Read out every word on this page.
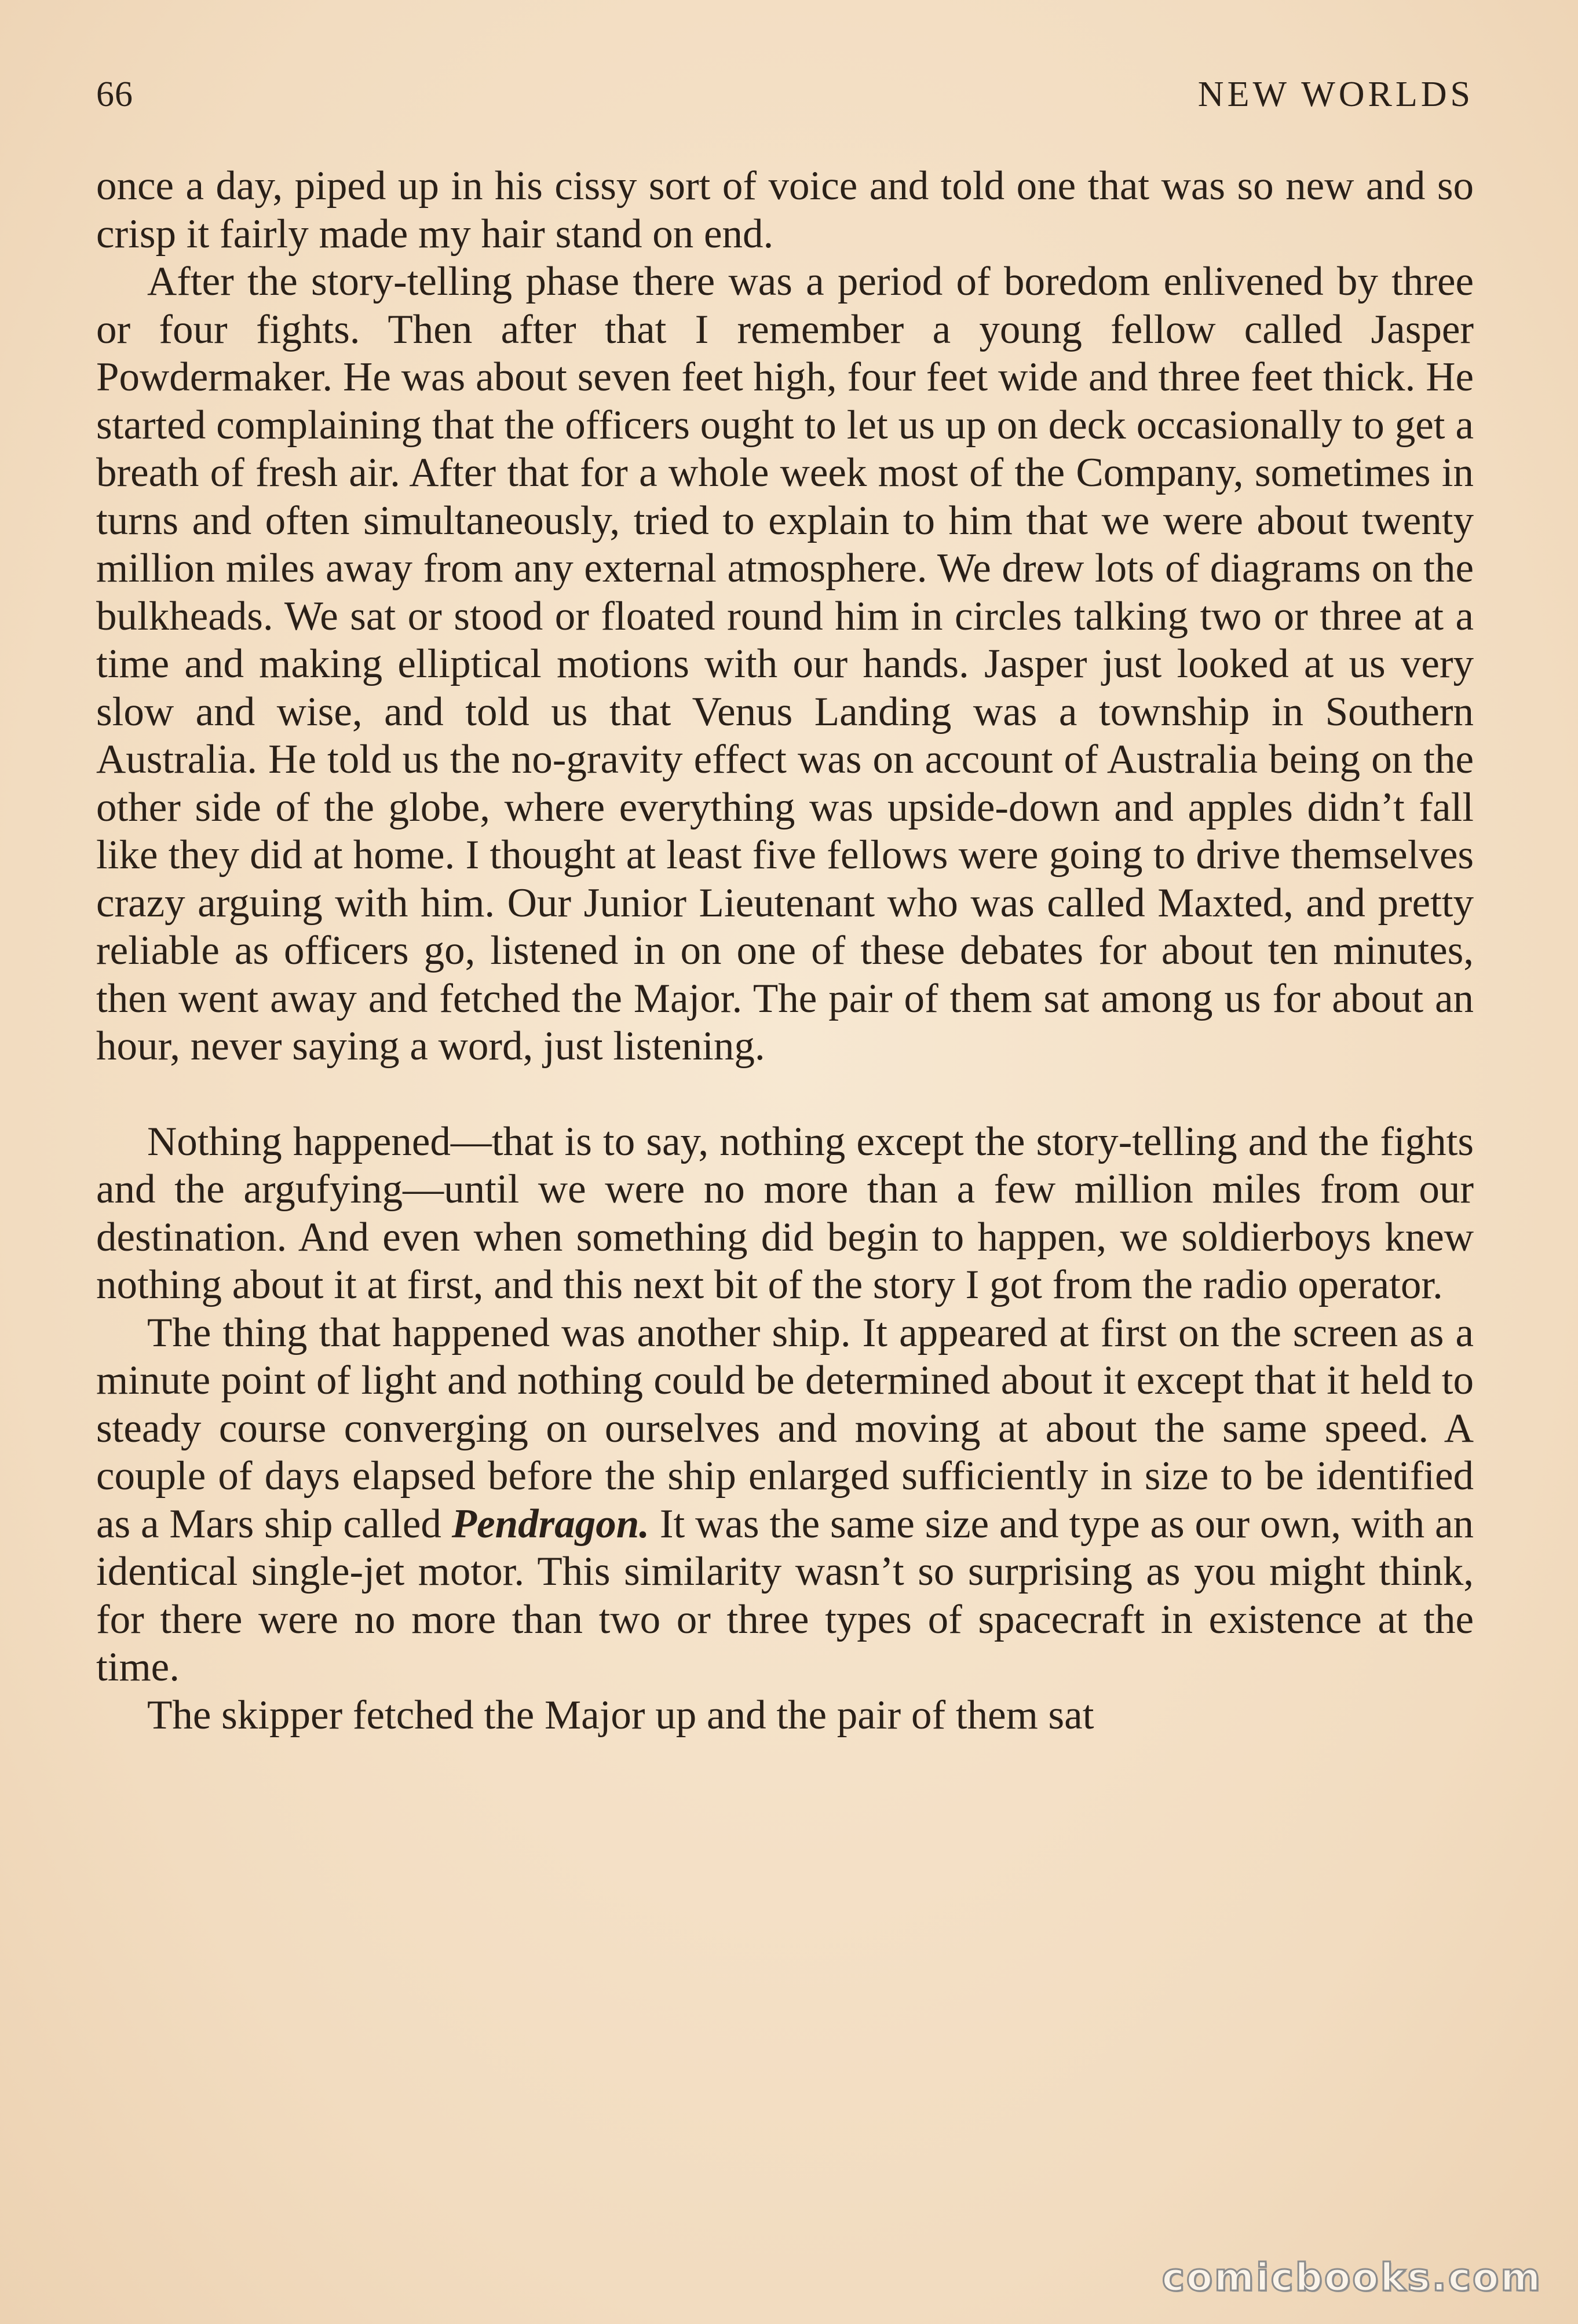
66	NEW WORLDS

once a day, piped up in his cissy sort of voice and told one that was so new and so crisp it fairly made my hair stand on end.

After the story-telling phase there was a period of boredom enlivened by three or four fights. Then after that I remember a young fellow called Jasper Powdermaker. He was about seven feet high, four feet wide and three feet thick. He started complaining that the officers ought to let us up on deck occasionally to get a breath of fresh air. After that for a whole week most of the Company, sometimes in turns and often simultaneously, tried to explain to him that we were about twenty million miles away from any external atmosphere. We drew lots of diagrams on the bulkheads. We sat or stood or floated round him in circles talking two or three at a time and making elliptical motions with our hands. Jasper just looked at us very slow and wise, and told us that Venus Landing was a township in Southern Australia. He told us the no-gravity effect was on account of Australia being on the other side of the globe, where everything was upside-down and apples didn’t fall like they did at home. I thought at least five fellows were going to drive themselves crazy arguing with him. Our Junior Lieutenant who was called Maxted, and pretty reliable as officers go, listened in on one of these debates for about ten minutes, then went away and fetched the Major. The pair of them sat among us for about an hour, never saying a word, just listening.

Nothing happened—that is to say, nothing except the story-telling and the fights and the argufying—until we were no more than a few million miles from our destination. And even when something did begin to happen, we soldierboys knew nothing about it at first, and this next bit of the story I got from the radio operator.

The thing that happened was another ship. It appeared at first on the screen as a minute point of light and nothing could be determined about it except that it held to steady course converging on ourselves and moving at about the same speed. A couple of days elapsed before the ship enlarged sufficiently in size to be identified as a Mars ship called Pendragon. It was the same size and type as our own, with an identical single-jet motor. This similarity wasn’t so surprising as you might think, for there were no more than two or three types of spacecraft in existence at the time.

The skipper fetched the Major up and the pair of them sat

comicbooks.com
